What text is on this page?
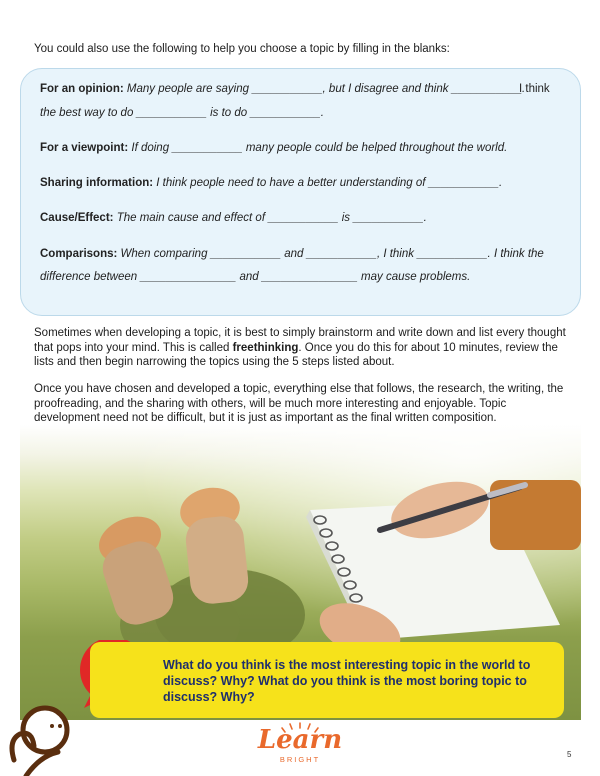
You could also use the following to help you choose a topic by filling in the blanks:
For an opinion: Many people are saying ___________, but I disagree and think ___________.
I think
the best way to do ___________ is to do ___________.
For a viewpoint: If doing ___________ many people could be helped throughout the world.
Sharing information: I think people need to have a better understanding of ___________.
Cause/Effect: The main cause and effect of ___________ is ___________.
Comparisons: When comparing ___________ and ___________, I think ___________. I think the
difference between _______________ and _______________ may cause problems.
Sometimes when developing a topic, it is best to simply brainstorm and write down and list every thought that pops into your mind. This is called freethinking. Once you do this for about 10 minutes, review the lists and then begin narrowing the topics using the 5 steps listed about.
Once you have chosen and developed a topic, everything else that follows, the research, the writing, the proofreading, and the sharing with others, will be much more interesting and enjoyable. Topic development need not be difficult, but it is just as important as the final written composition.
What do you think is the most interesting topic in the world to discuss? Why? What do you think is the most boring topic to discuss? Why?
Learn
BRIGHT
5
